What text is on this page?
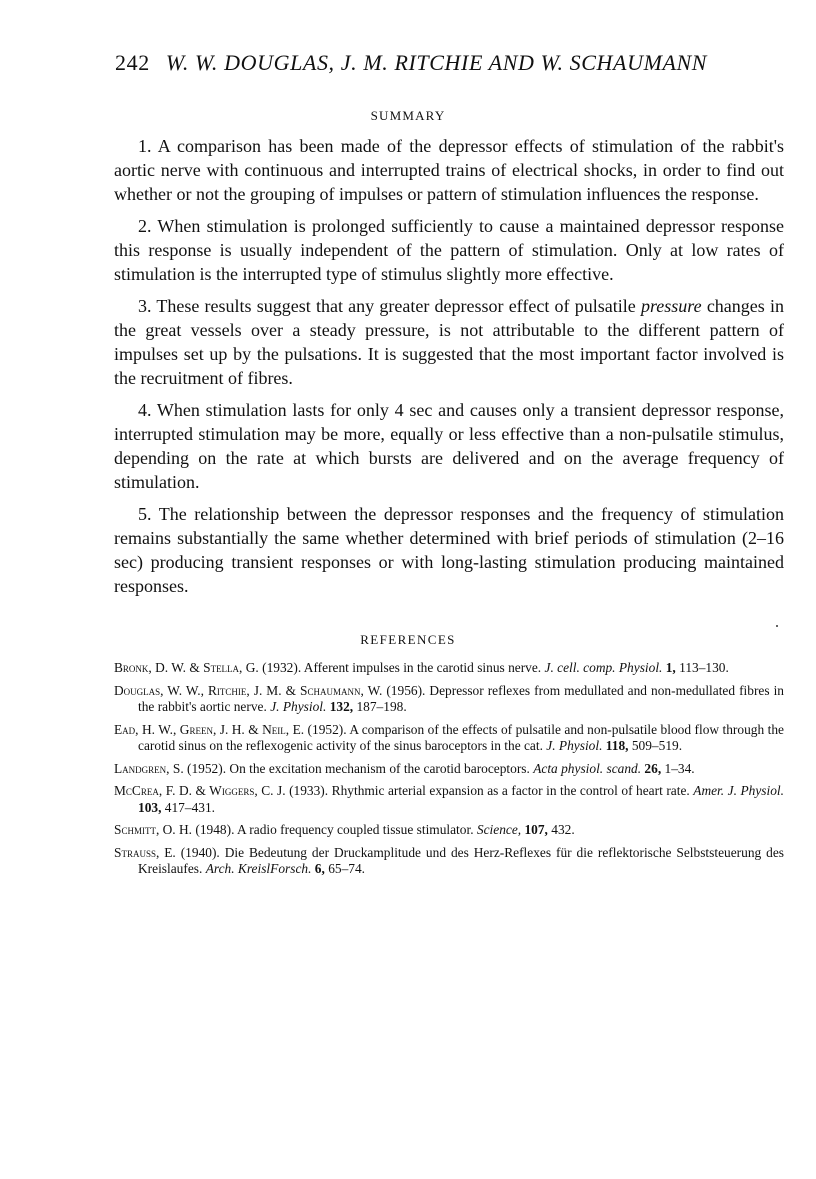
242 W. W. DOUGLAS, J. M. RITCHIE AND W. SCHAUMANN
SUMMARY

1. A comparison has been made of the depressor effects of stimulation of the rabbit's aortic nerve with continuous and interrupted trains of electrical shocks, in order to find out whether or not the grouping of impulses or pattern of stimulation influences the response.

2. When stimulation is prolonged sufficiently to cause a maintained depressor response this response is usually independent of the pattern of stimulation. Only at low rates of stimulation is the interrupted type of stimulus slightly more effective.

3. These results suggest that any greater depressor effect of pulsatile pressure changes in the great vessels over a steady pressure, is not attributable to the different pattern of impulses set up by the pulsations. It is suggested that the most important factor involved is the recruitment of fibres.

4. When stimulation lasts for only 4 sec and causes only a transient depressor response, interrupted stimulation may be more, equally or less effective than a non-pulsatile stimulus, depending on the rate at which bursts are delivered and on the average frequency of stimulation.

5. The relationship between the depressor responses and the frequency of stimulation remains substantially the same whether determined with brief periods of stimulation (2–16 sec) producing transient responses or with long-lasting stimulation producing maintained responses.

REFERENCES
Bronk, D. W. & Stella, G. (1932). Afferent impulses in the carotid sinus nerve. J. cell. comp. Physiol. 1, 113–130.
Douglas, W. W., Ritchie, J. M. & Schaumann, W. (1956). Depressor reflexes from medullated and non-medullated fibres in the rabbit's aortic nerve. J. Physiol. 132, 187–198.
Ead, H. W., Green, J. H. & Neil, E. (1952). A comparison of the effects of pulsatile and non-pulsatile blood flow through the carotid sinus on the reflexogenic activity of the sinus baroceptors in the cat. J. Physiol. 118, 509–519.
Landgren, S. (1952). On the excitation mechanism of the carotid baroceptors. Acta physiol. scand. 26, 1–34.
McCrea, F. D. & Wiggers, C. J. (1933). Rhythmic arterial expansion as a factor in the control of heart rate. Amer. J. Physiol. 103, 417–431.
Schmitt, O. H. (1948). A radio frequency coupled tissue stimulator. Science, 107, 432.
Strauss, E. (1940). Die Bedeutung der Druckamplitude und des Herz-Reflexes für die reflektorische Selbststeuerung des Kreislaufes. Arch. KreislForsch. 6, 65–74.
